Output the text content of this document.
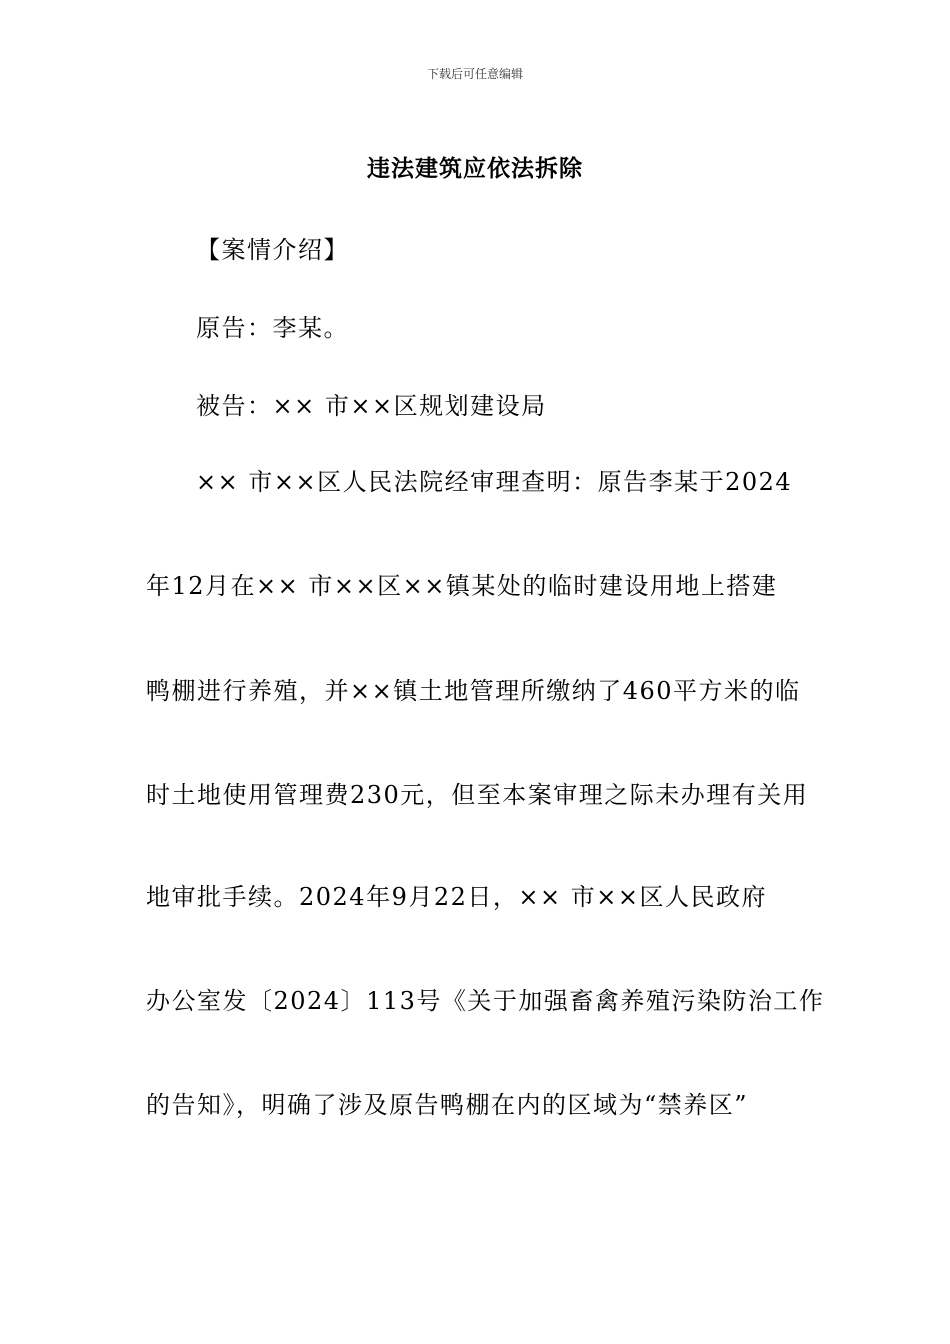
下载后可任意编辑
违法建筑应依法拆除
【案情介绍】
原告：李某。
被告：×× 市××区规划建设局
×× 市××区人民法院经审理查明：原告李某于2024
年12月在×× 市××区××镇某处的临时建设用地上搭建
鸭棚进行养殖，并××镇土地管理所缴纳了460平方米的临
时土地使用管理费230元，但至本案审理之际未办理有关用
地审批手续。2024年9月22日，×× 市××区人民政府
办公室发〔2024〕113号《关于加强畜禽养殖污染防治工作
的告知》，明确了涉及原告鸭棚在内的区域为“禁养区”
